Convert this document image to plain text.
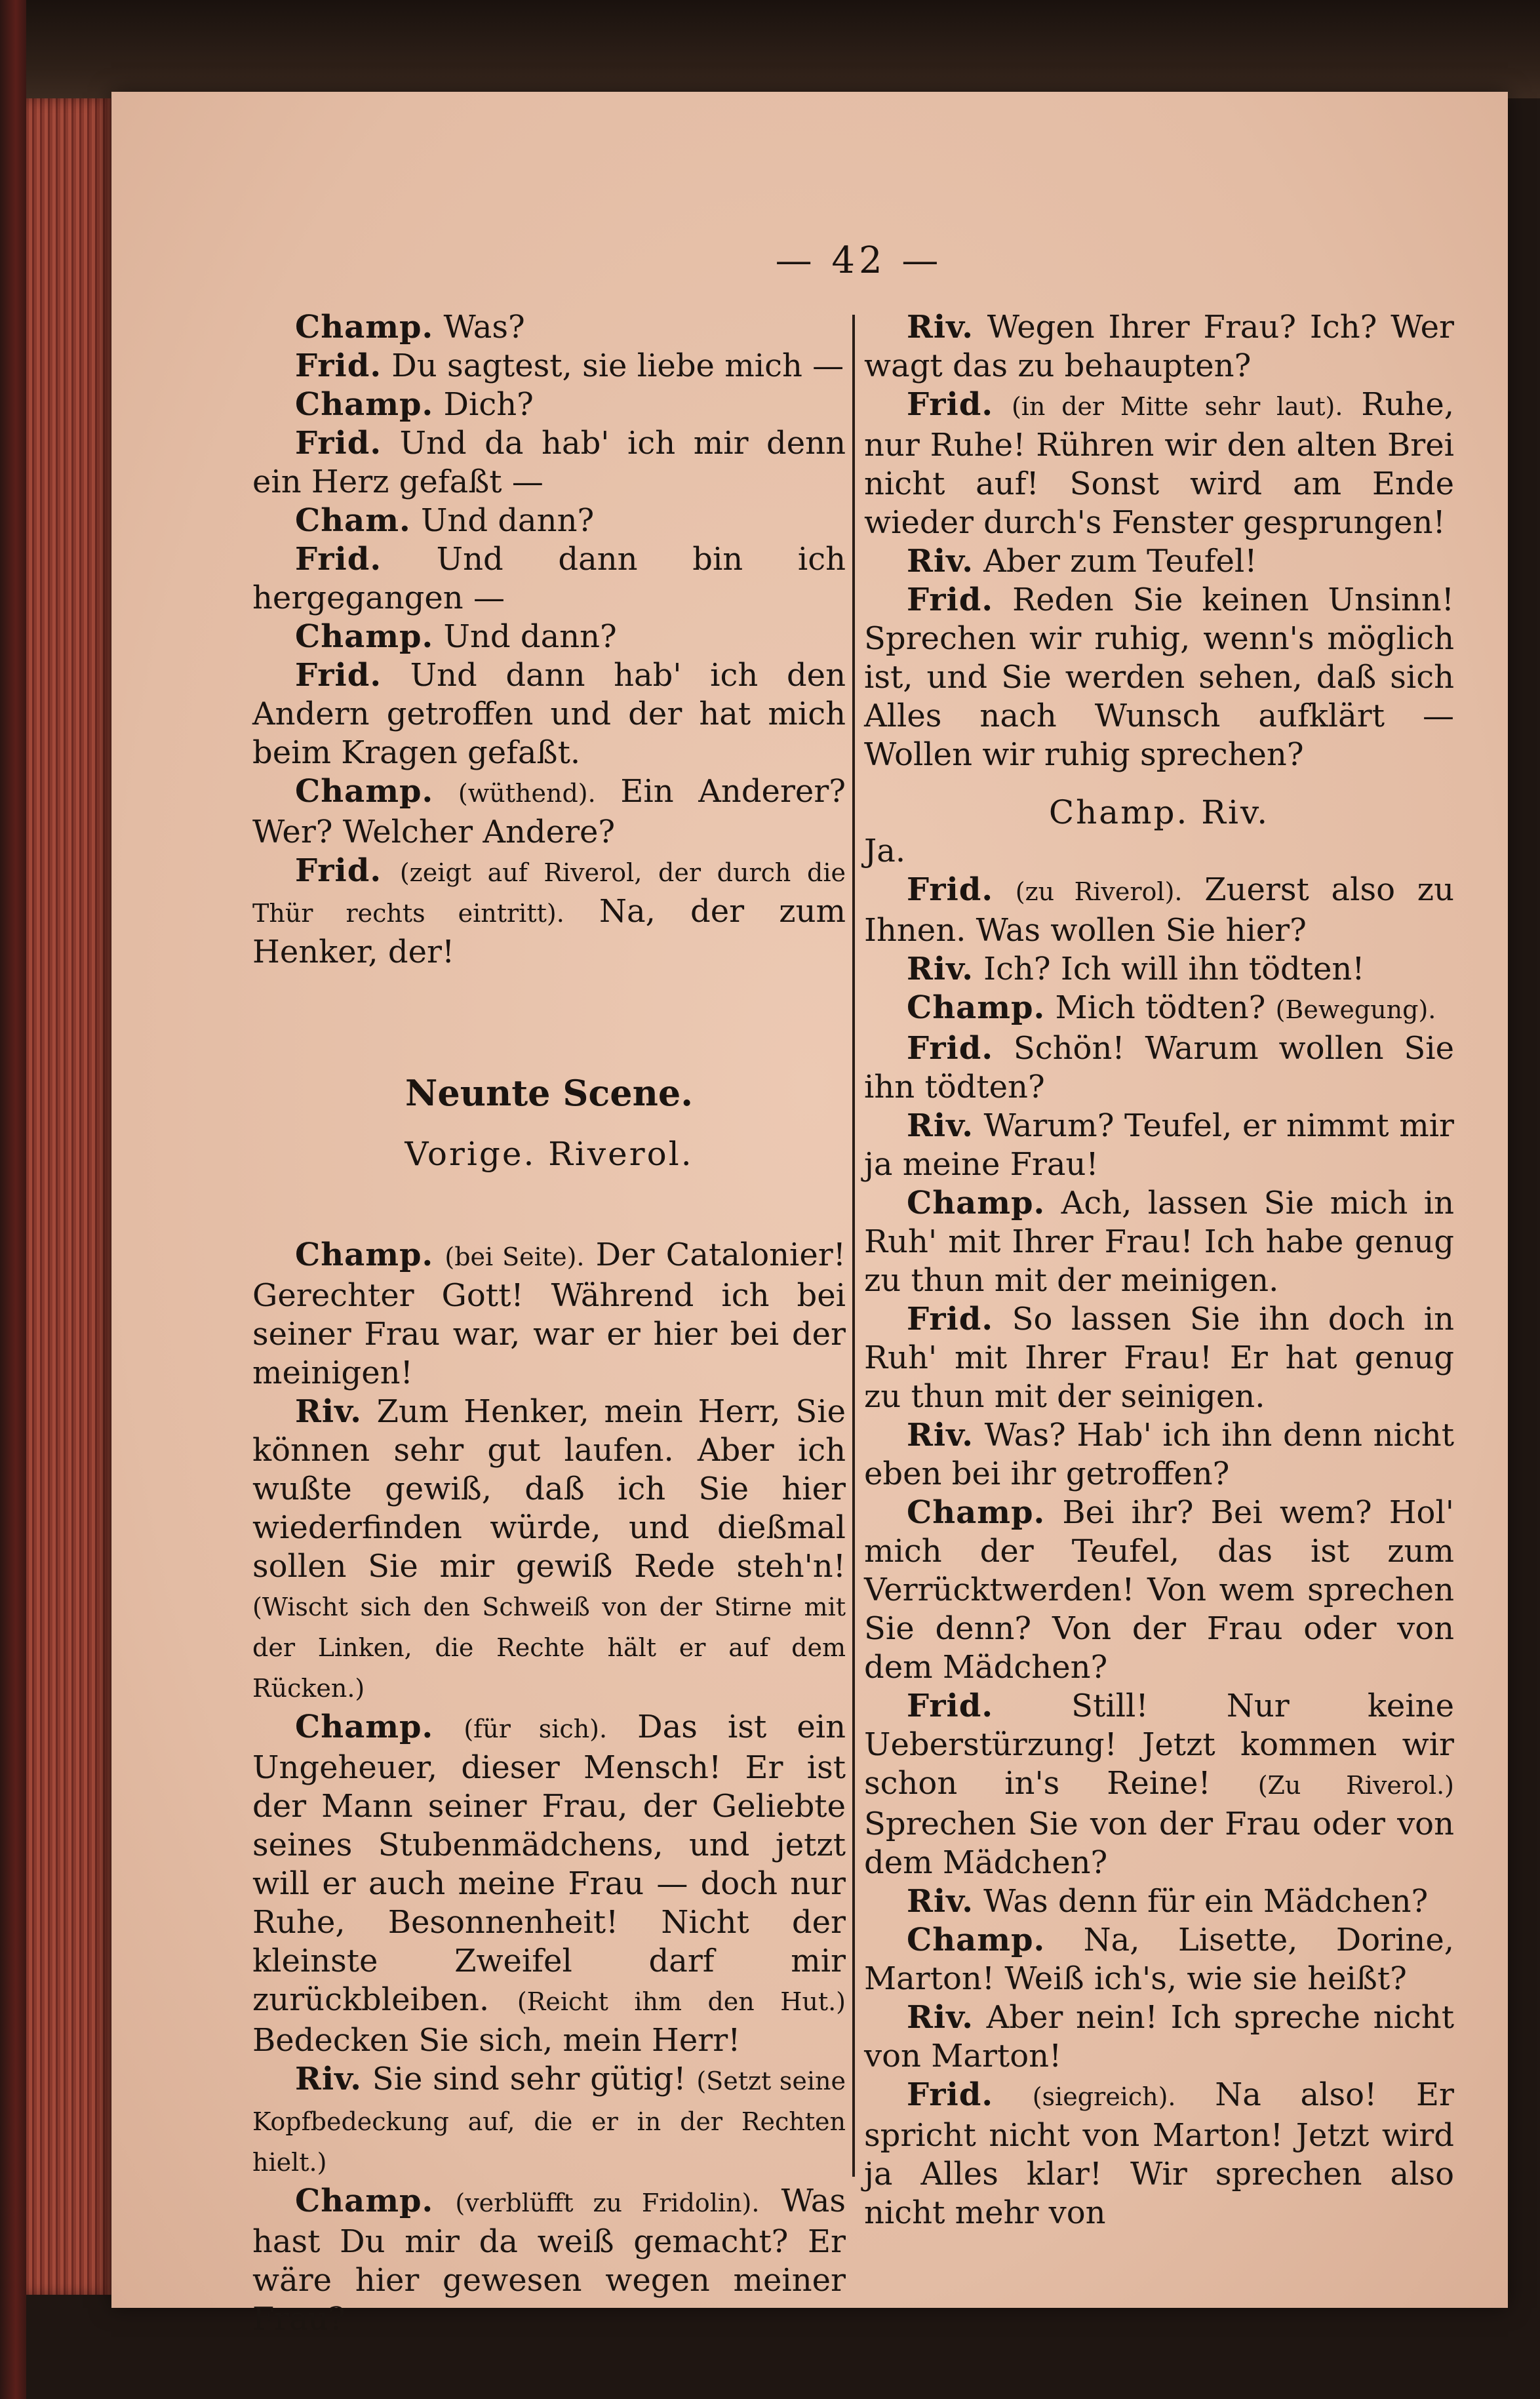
— 42 —

Champ. Was?

Frid. Du sagtest, sie liebe mich —

Champ. Dich?

Frid. Und da hab' ich mir denn ein Herz gefaßt —

Cham. Und dann?

Frid. Und dann bin ich hergegangen —

Champ. Und dann?

Frid. Und dann hab' ich den Andern getroffen und der hat mich beim Kragen gefaßt.

Champ. (wüthend). Ein Anderer? Wer? Welcher Andere?

Frid. (zeigt auf Riverol, der durch die Thür rechts eintritt). Na, der zum Henker, der!

Neunte Scene.

Vorige. Riverol.

Champ. (bei Seite). Der Catalonier! Gerechter Gott! Während ich bei seiner Frau war, war er hier bei der meinigen!

Riv. Zum Henker, mein Herr, Sie können sehr gut laufen. Aber ich wußte gewiß, daß ich Sie hier wiederfinden würde, und dießmal sollen Sie mir gewiß Rede steh'n! (Wischt sich den Schweiß von der Stirne mit der Linken, die Rechte hält er auf dem Rücken.)

Champ. (für sich). Das ist ein Ungeheuer, dieser Mensch! Er ist der Mann seiner Frau, der Geliebte seines Stubenmädchens, und jetzt will er auch meine Frau — doch nur Ruhe, Besonnenheit! Nicht der kleinste Zweifel darf mir zurückbleiben. (Reicht ihm den Hut.) Bedecken Sie sich, mein Herr!

Riv. Sie sind sehr gütig! (Setzt seine Kopfbedeckung auf, die er in der Rechten hielt.)

Champ. (verblüfft zu Fridolin). Was hast Du mir da weiß gemacht? Er wäre hier gewesen wegen meiner Frau?

Riv. Wegen Ihrer Frau? Ich? Wer wagt das zu behaupten?

Frid. (in der Mitte sehr laut). Ruhe, nur Ruhe! Rühren wir den alten Brei nicht auf! Sonst wird am Ende wieder durch's Fenster gesprungen!

Riv. Aber zum Teufel!

Frid. Reden Sie keinen Unsinn! Sprechen wir ruhig, wenn's möglich ist, und Sie werden sehen, daß sich Alles nach Wunsch aufklärt — Wollen wir ruhig sprechen?

Champ. Riv.

Ja.

Frid. (zu Riverol). Zuerst also zu Ihnen. Was wollen Sie hier?

Riv. Ich? Ich will ihn tödten!

Champ. Mich tödten? (Bewegung).

Frid. Schön! Warum wollen Sie ihn tödten?

Riv. Warum? Teufel, er nimmt mir ja meine Frau!

Champ. Ach, lassen Sie mich in Ruh' mit Ihrer Frau! Ich habe genug zu thun mit der meinigen.

Frid. So lassen Sie ihn doch in Ruh' mit Ihrer Frau! Er hat genug zu thun mit der seinigen.

Riv. Was? Hab' ich ihn denn nicht eben bei ihr getroffen?

Champ. Bei ihr? Bei wem? Hol' mich der Teufel, das ist zum Verrücktwerden! Von wem sprechen Sie denn? Von der Frau oder von dem Mädchen?

Frid. Still! Nur keine Ueberstürzung! Jetzt kommen wir schon in's Reine! (Zu Riverol.) Sprechen Sie von der Frau oder von dem Mädchen?

Riv. Was denn für ein Mädchen?

Champ. Na, Lisette, Dorine, Marton! Weiß ich's, wie sie heißt?

Riv. Aber nein! Ich spreche nicht von Marton!

Frid. (siegreich). Na also! Er spricht nicht von Marton! Jetzt wird ja Alles klar! Wir sprechen also nicht mehr von
